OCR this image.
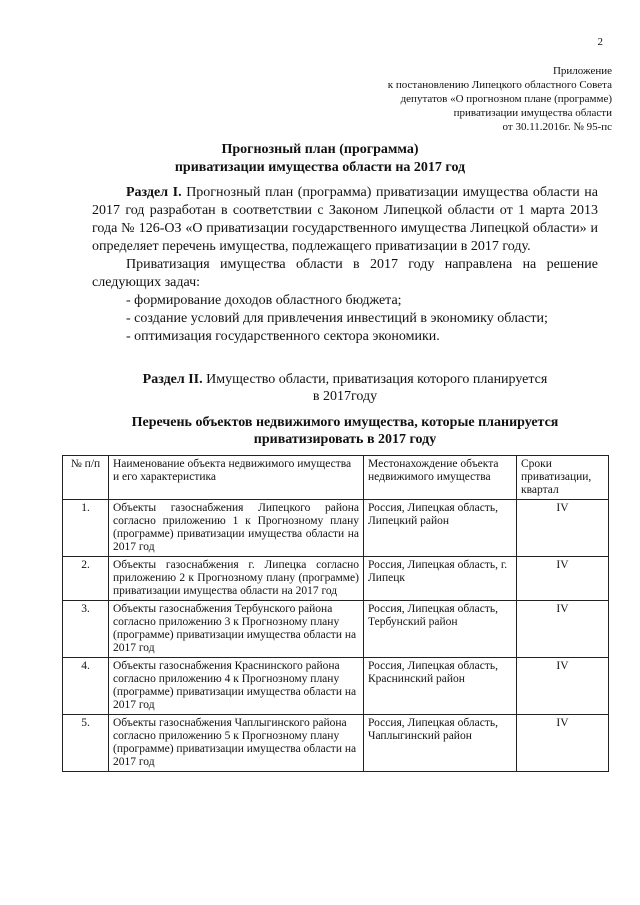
2
Приложение
к постановлению Липецкого областного Совета
депутатов «О прогнозном плане (программе)
приватизации имущества области
от 30.11.2016г. № 95-пс
Прогнозный план (программа)
приватизации имущества области на 2017 год

Раздел I. Прогнозный план (программа) приватизации имущества области на 2017 год разработан в соответствии с Законом Липецкой области от 1 марта 2013 года № 126-ОЗ «О приватизации государственного имущества Липецкой области» и определяет перечень имущества, подлежащего приватизации в 2017 году.

Приватизация имущества области в 2017 году направлена на решение следующих задач:

- формирование доходов областного бюджета;

- создание условий для привлечения инвестиций в экономику области;

- оптимизация государственного сектора экономики.

Раздел II. Имущество области, приватизация которого планируется
в 2017году
Перечень объектов недвижимого имущества, которые планируется
приватизировать в 2017 году
№ п/п	Наименование объекта недвижимого имущества и его характеристика	Местонахождение объекта недвижимого имущества	Сроки приватизации, квартал
1.	Объекты газоснабжения Липецкого района согласно приложению 1 к Прогнозному плану (программе) приватизации имущества области на 2017 год	Россия, Липецкая область, Липецкий район	IV
2.	Объекты газоснабжения г. Липецка согласно приложению 2 к Прогнозному плану (программе) приватизации имущества области на 2017 год	Россия, Липецкая область, г. Липецк	IV
3.	Объекты газоснабжения Тербунского района согласно приложению 3 к Прогнозному плану (программе) приватизации имущества области на 2017 год	Россия, Липецкая область, Тербунский район	IV
4.	Объекты газоснабжения Краснинского района согласно приложению 4 к Прогнозному плану (программе) приватизации имущества области на 2017 год	Россия, Липецкая область, Краснинский район	IV
5.	Объекты газоснабжения Чаплыгинского района согласно приложению 5 к Прогнозному плану (программе) приватизации имущества области на 2017 год	Россия, Липецкая область, Чаплыгинский район	IV
